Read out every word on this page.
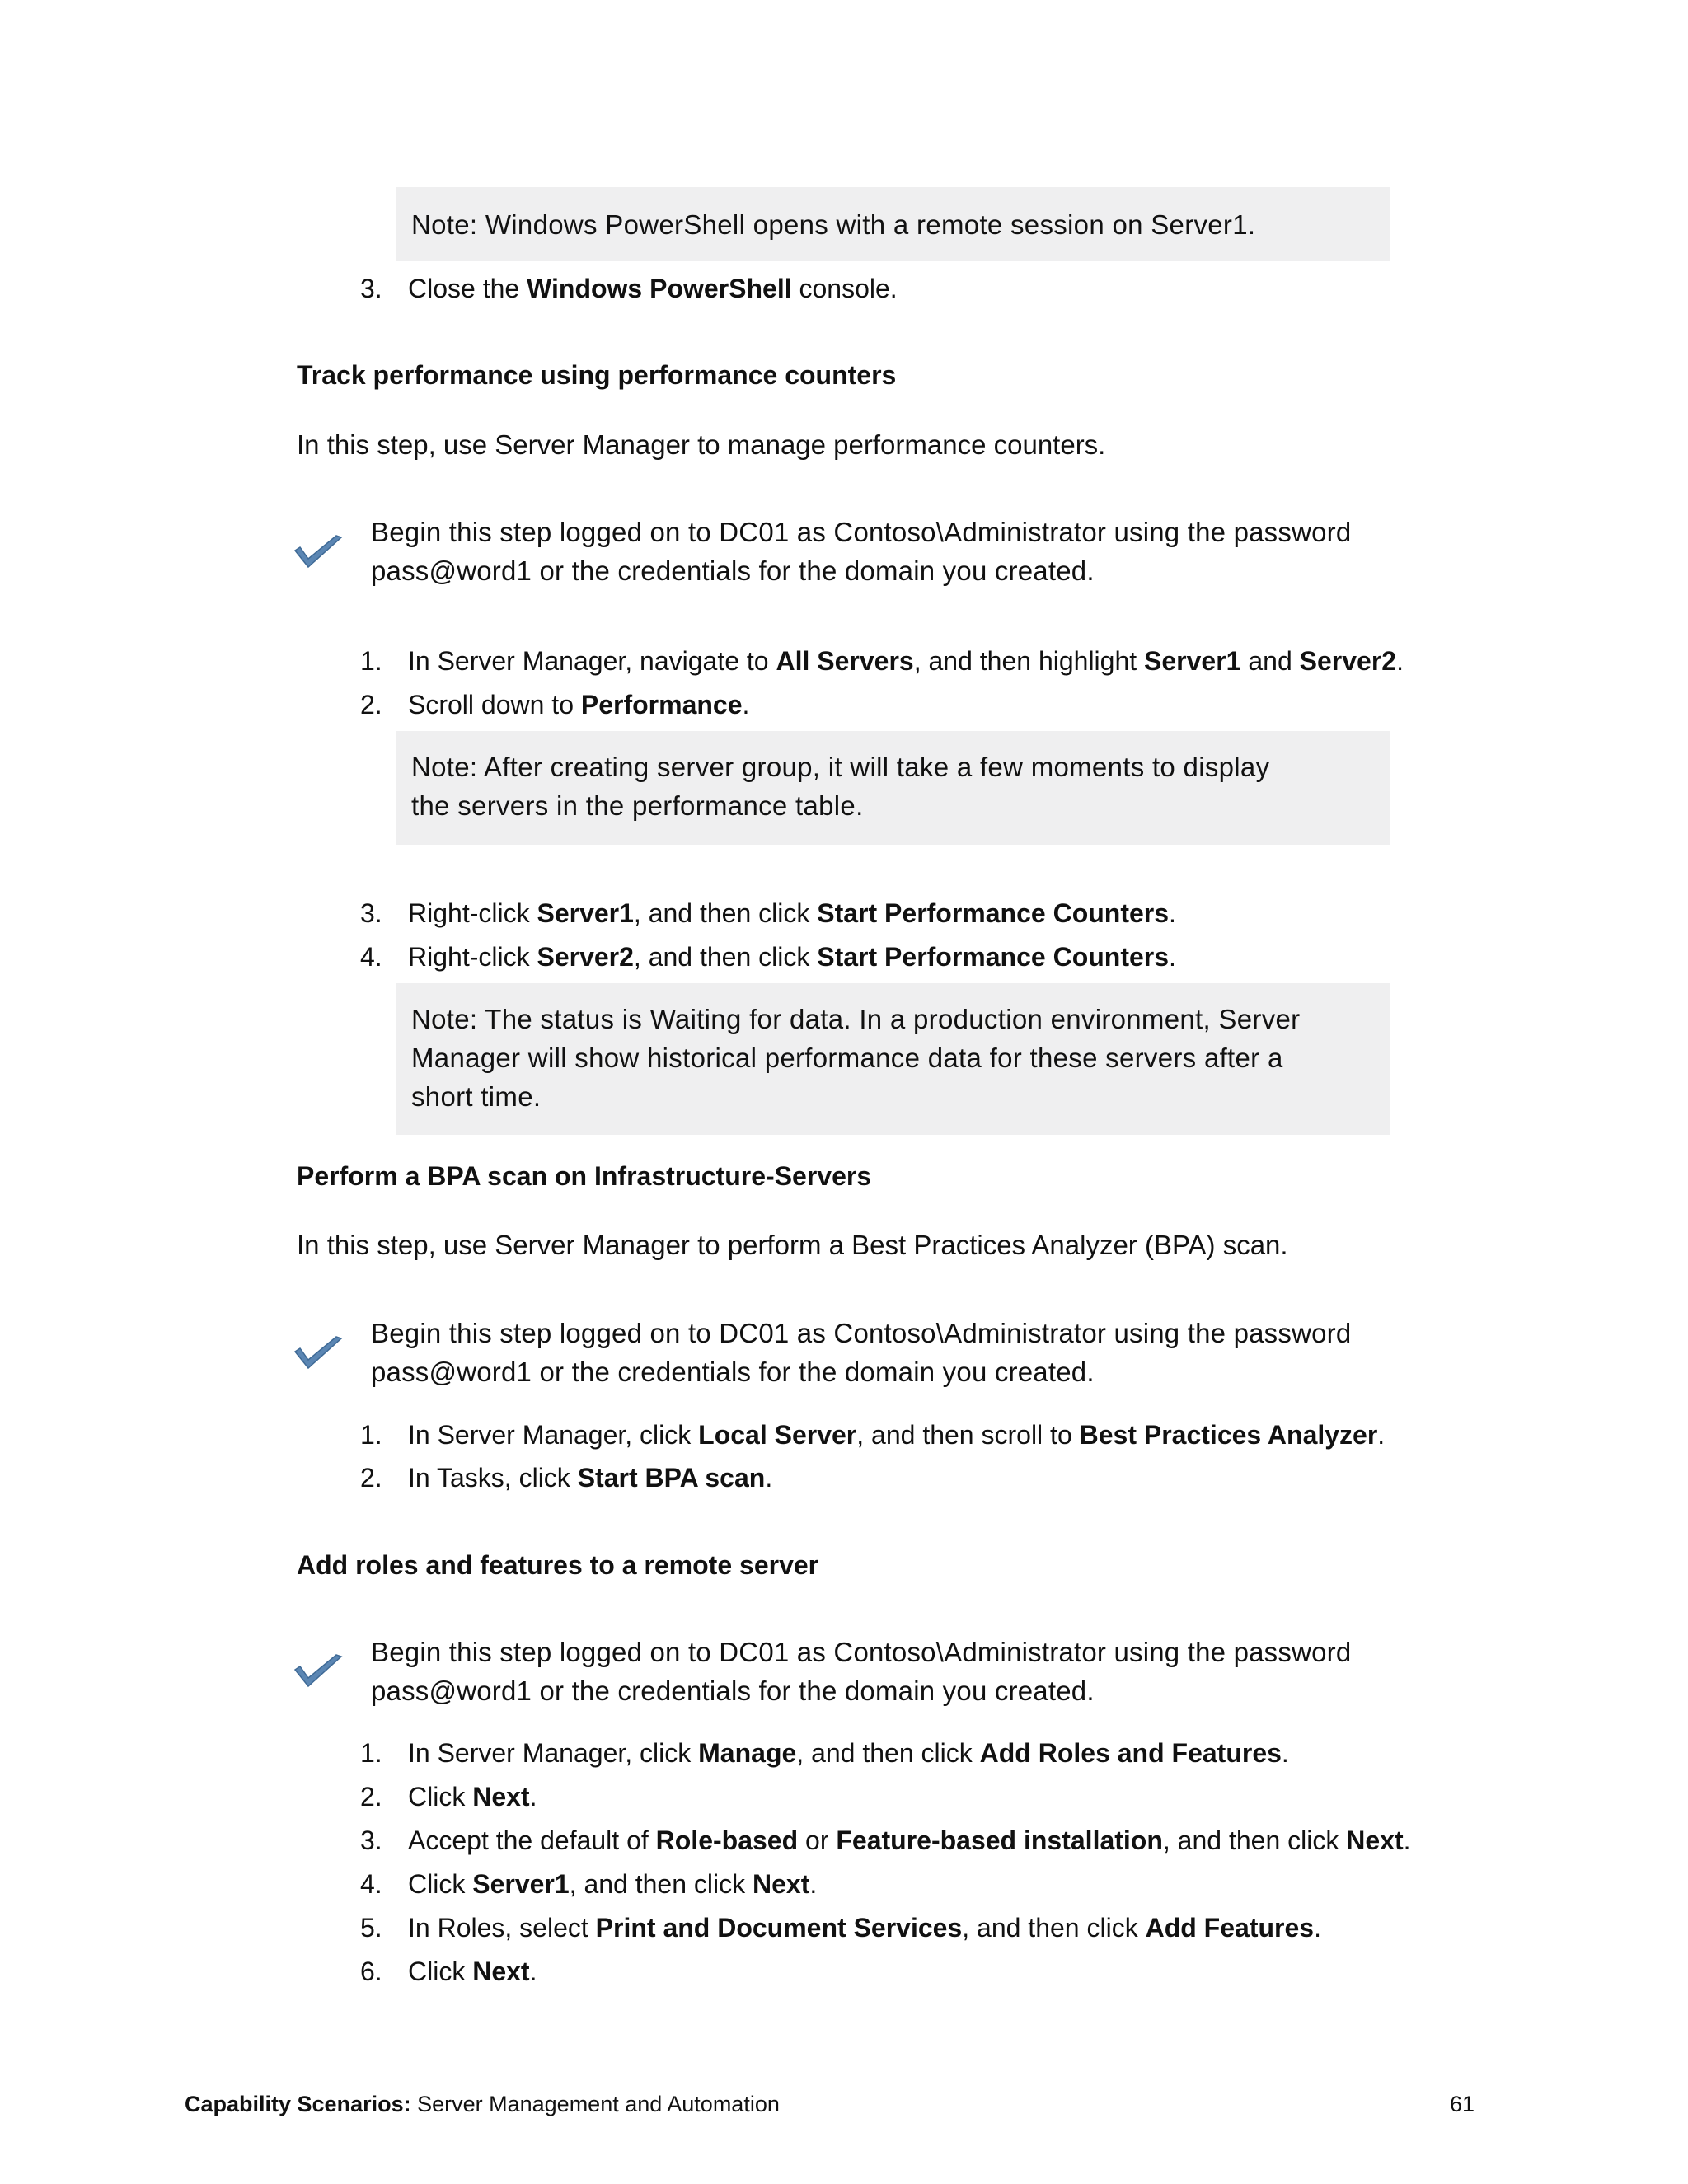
Note: Windows PowerShell opens with a remote session on Server1.
3. Close the Windows PowerShell console.
Track performance using performance counters
In this step, use Server Manager to manage performance counters.
Begin this step logged on to DC01 as Contoso\Administrator using the password
pass@word1 or the credentials for the domain you created.
1. In Server Manager, navigate to All Servers, and then highlight Server1 and Server2.
2. Scroll down to Performance.
Note: After creating server group, it will take a few moments to display
the servers in the performance table.
3. Right-click Server1, and then click Start Performance Counters.
4. Right-click Server2, and then click Start Performance Counters.
Note: The status is Waiting for data. In a production environment, Server
Manager will show historical performance data for these servers after a
short time.
Perform a BPA scan on Infrastructure-Servers
In this step, use Server Manager to perform a Best Practices Analyzer (BPA) scan.
Begin this step logged on to DC01 as Contoso\Administrator using the password
pass@word1 or the credentials for the domain you created.
1. In Server Manager, click Local Server, and then scroll to Best Practices Analyzer.
2. In Tasks, click Start BPA scan.
Add roles and features to a remote server
Begin this step logged on to DC01 as Contoso\Administrator using the password
pass@word1 or the credentials for the domain you created.
1. In Server Manager, click Manage, and then click Add Roles and Features.
2. Click Next.
3. Accept the default of Role-based or Feature-based installation, and then click Next.
4. Click Server1, and then click Next.
5. In Roles, select Print and Document Services, and then click Add Features.
6. Click Next.
Capability Scenarios: Server Management and Automation	61
